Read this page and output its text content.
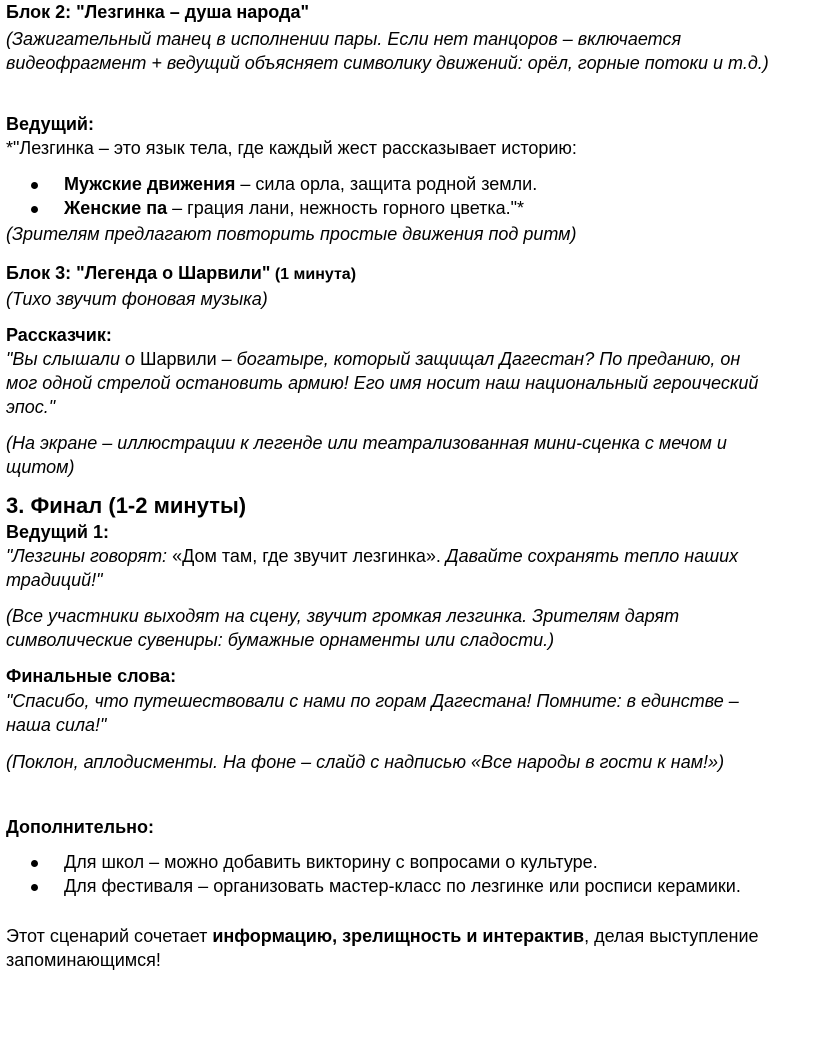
Блок 2: "Лезгинка – душа народа"

(Зажигательный танец в исполнении пары. Если нет танцоров – включается видеофрагмент + ведущий объясняет символику движений: орёл, горные потоки и т.д.)

Ведущий:

*"Лезгинка – это язык тела, где каждый жест рассказывает историю:

Мужские движения – сила орла, защита родной земли.
Женские па – грация лани, нежность горного цветка."*

(Зрителям предлагают повторить простые движения под ритм)

Блок 3: "Легенда о Шарвили" (1 минута)

(Тихо звучит фоновая музыка)

Рассказчик:

"Вы слышали о Шарвили – богатыре, который защищал Дагестан? По преданию, он мог одной стрелой остановить армию! Его имя носит наш национальный героический эпос."

(На экране – иллюстрации к легенде или театрализованная мини-сценка с мечом и щитом)

3. Финал (1-2 минуты)

Ведущий 1:

"Лезгины говорят: «Дом там, где звучит лезгинка». Давайте сохранять тепло наших традиций!"

(Все участники выходят на сцену, звучит громкая лезгинка. Зрителям дарят символические сувениры: бумажные орнаменты или сладости.)

Финальные слова:

"Спасибо, что путешествовали с нами по горам Дагестана! Помните: в единстве – наша сила!"

(Поклон, аплодисменты. На фоне – слайд с надписью «Все народы в гости к нам!»)

Дополнительно:

Для школ – можно добавить викторину с вопросами о культуре.
Для фестиваля – организовать мастер-класс по лезгинке или росписи керамики.

Этот сценарий сочетает информацию, зрелищность и интерактив, делая выступление запоминающимся!
